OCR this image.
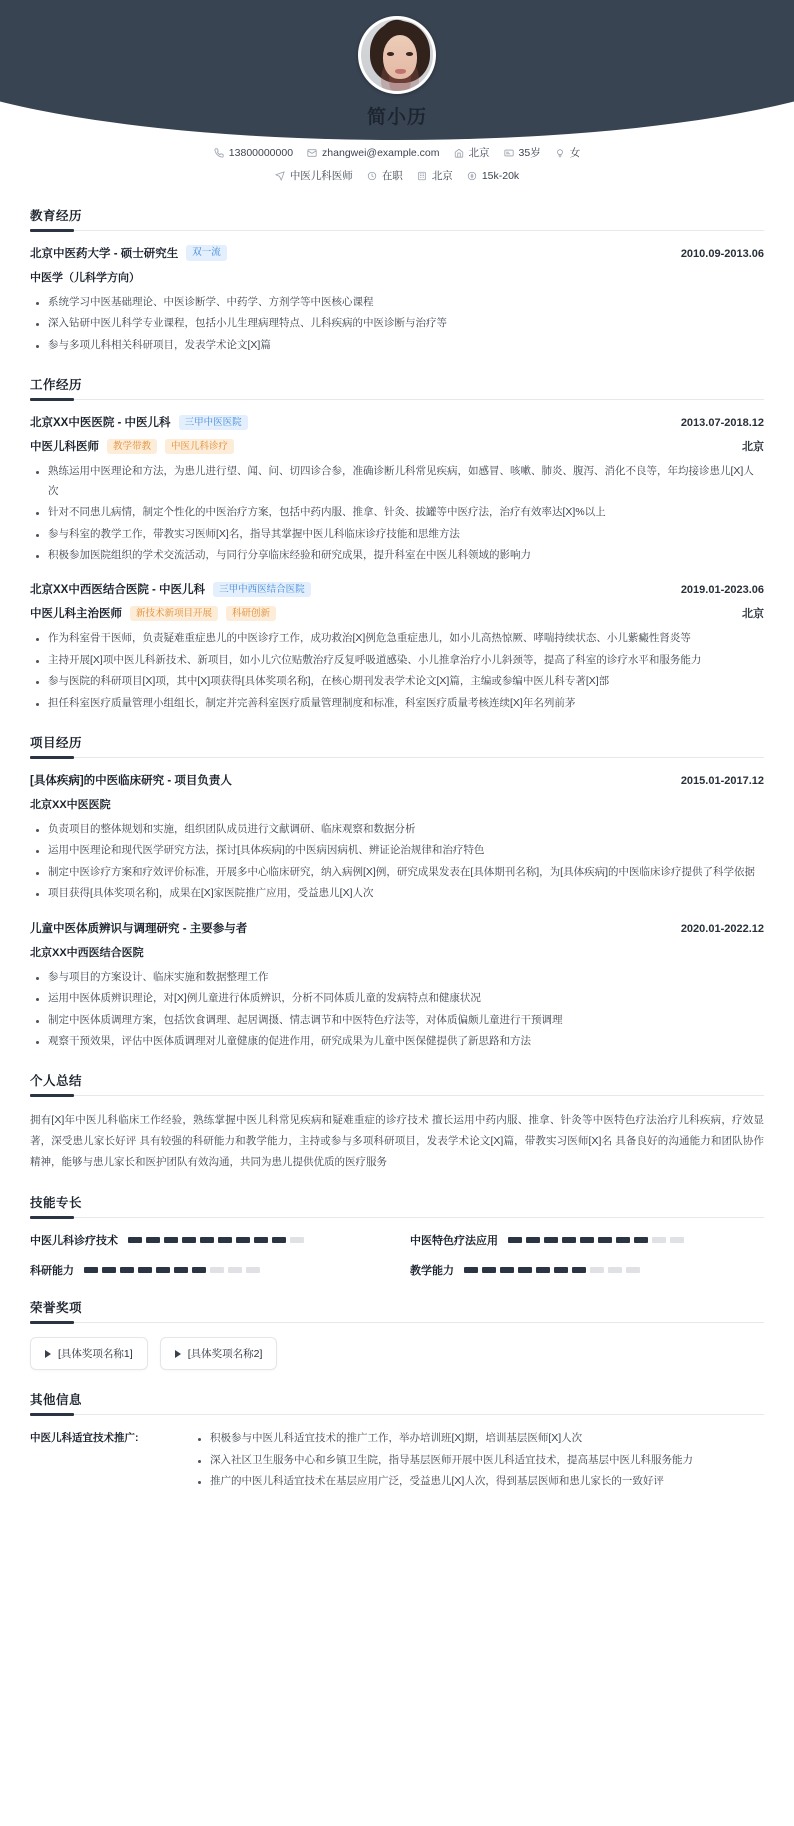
简小历
13800000000	zhangwei@example.com	北京	35岁	女
中医儿科医师	在职	北京	15k-20k
教育经历
北京中医药大学 - 硕士研究生	双一流	2010.09-2013.06
中医学（儿科学方向）
系统学习中医基础理论、中医诊断学、中药学、方剂学等中医核心课程
深入钻研中医儿科学专业课程，包括小儿生理病理特点、儿科疾病的中医诊断与治疗等
参与多项儿科相关科研项目，发表学术论文[X]篇
工作经历
北京XX中医医院 - 中医儿科	三甲中医医院	2013.07-2018.12
中医儿科医师	教学带教	中医儿科诊疗	北京
熟练运用中医理论和方法，为患儿进行望、闻、问、切四诊合参，准确诊断儿科常见疾病，如感冒、咳嗽、肺炎、腹泻、消化不良等，年均接诊患儿[X]人次
针对不同患儿病情，制定个性化的中医治疗方案，包括中药内服、推拿、针灸、拔罐等中医疗法，治疗有效率达[X]%以上
参与科室的教学工作，带教实习医师[X]名，指导其掌握中医儿科临床诊疗技能和思维方法
积极参加医院组织的学术交流活动，与同行分享临床经验和研究成果，提升科室在中医儿科领域的影响力
北京XX中西医结合医院 - 中医儿科	三甲中西医结合医院	2019.01-2023.06
中医儿科主治医师	新技术新项目开展	科研创新	北京
作为科室骨干医师，负责疑难重症患儿的中医诊疗工作，成功救治[X]例危急重症患儿，如小儿高热惊厥、哮喘持续状态、小儿紫癜性肾炎等
主持开展[X]项中医儿科新技术、新项目，如小儿穴位贴敷治疗反复呼吸道感染、小儿推拿治疗小儿斜颈等，提高了科室的诊疗水平和服务能力
参与医院的科研项目[X]项，其中[X]项获得[具体奖项名称]，在核心期刊发表学术论文[X]篇，主编或参编中医儿科专著[X]部
担任科室医疗质量管理小组组长，制定并完善科室医疗质量管理制度和标准，科室医疗质量考核连续[X]年名列前茅
项目经历
[具体疾病]的中医临床研究 - 项目负责人	2015.01-2017.12
北京XX中医医院
负责项目的整体规划和实施，组织团队成员进行文献调研、临床观察和数据分析
运用中医理论和现代医学研究方法，探讨[具体疾病]的中医病因病机、辨证论治规律和治疗特色
制定中医诊疗方案和疗效评价标准，开展多中心临床研究，纳入病例[X]例，研究成果发表在[具体期刊名称]，为[具体疾病]的中医临床诊疗提供了科学依据
项目获得[具体奖项名称]，成果在[X]家医院推广应用，受益患儿[X]人次
儿童中医体质辨识与调理研究 - 主要参与者	2020.01-2022.12
北京XX中西医结合医院
参与项目的方案设计、临床实施和数据整理工作
运用中医体质辨识理论，对[X]例儿童进行体质辨识，分析不同体质儿童的发病特点和健康状况
制定中医体质调理方案，包括饮食调理、起居调摄、情志调节和中医特色疗法等，对体质偏颇儿童进行干预调理
观察干预效果，评估中医体质调理对儿童健康的促进作用，研究成果为儿童中医保健提供了新思路和方法
个人总结
拥有[X]年中医儿科临床工作经验，熟练掌握中医儿科常见疾病和疑难重症的诊疗技术 擅长运用中药内服、推拿、针灸等中医特色疗法治疗儿科疾病，疗效显著，深受患儿家长好评 具有较强的科研能力和教学能力，主持或参与多项科研项目，发表学术论文[X]篇，带教实习医师[X]名 具备良好的沟通能力和团队协作精神，能够与患儿家长和医护团队有效沟通，共同为患儿提供优质的医疗服务
技能专长
中医儿科诊疗技术	中医特色疗法应用
科研能力	教学能力
荣誉奖项
[具体奖项名称1]	[具体奖项名称2]
其他信息
中医儿科适宜技术推广:	积极参与中医儿科适宜技术的推广工作，举办培训班[X]期，培训基层医师[X]人次
深入社区卫生服务中心和乡镇卫生院，指导基层医师开展中医儿科适宜技术，提高基层中医儿科服务能力
推广的中医儿科适宜技术在基层应用广泛，受益患儿[X]人次，得到基层医师和患儿家长的一致好评
